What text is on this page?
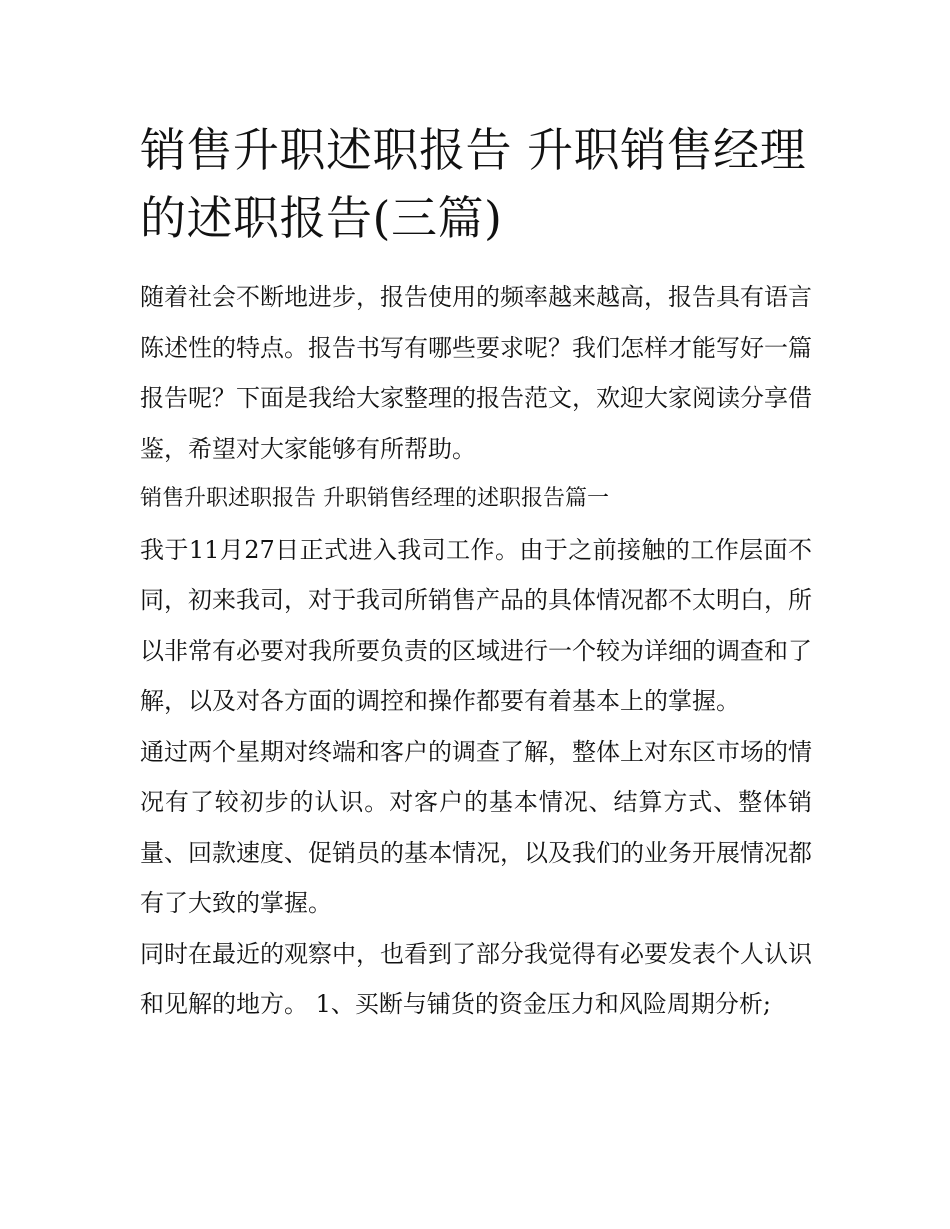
销售升职述职报告 升职销售经理的述职报告(三篇)

随着社会不断地进步，报告使用的频率越来越高，报告具有语言陈述性的特点。报告书写有哪些要求呢？我们怎样才能写好一篇报告呢？下面是我给大家整理的报告范文，欢迎大家阅读分享借鉴，希望对大家能够有所帮助。

销售升职述职报告 升职销售经理的述职报告篇一

我于11月27日正式进入我司工作。由于之前接触的工作层面不同，初来我司，对于我司所销售产品的具体情况都不太明白，所以非常有必要对我所要负责的区域进行一个较为详细的调查和了解，以及对各方面的调控和操作都要有着基本上的掌握。

通过两个星期对终端和客户的调查了解，整体上对东区市场的情况有了较初步的认识。对客户的基本情况、结算方式、整体销量、回款速度、促销员的基本情况，以及我们的业务开展情况都有了大致的掌握。

同时在最近的观察中，也看到了部分我觉得有必要发表个人认识和见解的地方。 1、买断与铺货的资金压力和风险周期分析;
